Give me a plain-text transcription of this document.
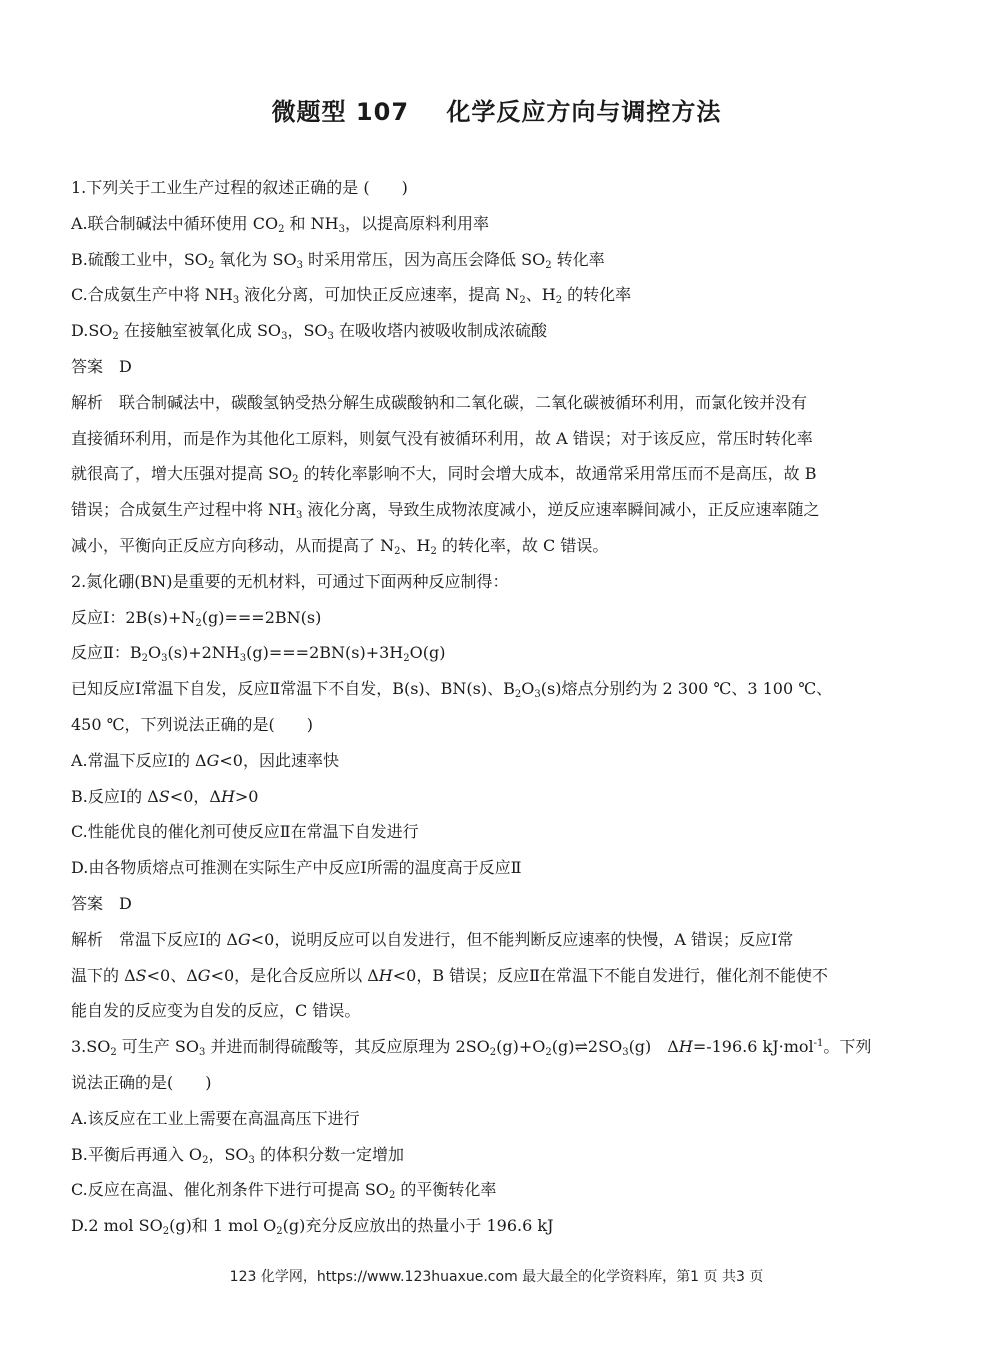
微题型 107 化学反应方向与调控方法
1.下列关于工业生产过程的叙述正确的是 (　　)
A.联合制碱法中循环使用 $CO_2$ 和 $NH_3$，以提高原料利用率
B.硫酸工业中，$SO_2$ 氧化为 $SO_3$ 时采用常压，因为高压会降低 $SO_2$ 转化率
C.合成氨生产中将 $NH_3$ 液化分离，可加快正反应速率，提高 $N_2$、$H_2$ 的转化率
$D.SO_2$ 在接触室被氧化成 $SO_3$，$SO_3$ 在吸收塔内被吸收制成浓硫酸
答案　D
解析　联合制碱法中，碳酸氢钠受热分解生成碳酸钠和二氧化碳，二氧化碳被循环利用，而氯化铵并没有
直接循环利用，而是作为其他化工原料，则氨气没有被循环利用，故 A 错误；对于该反应，常压时转化率
就很高了，增大压强对提高 $SO_2$ 的转化率影响不大，同时会增大成本，故通常采用常压而不是高压，故 B
错误；合成氨生产过程中将 $NH_3$ 液化分离，导致生成物浓度减小，逆反应速率瞬间减小，正反应速率随之
减小，平衡向正反应方向移动，从而提高了 $N_2$、$H_2$ 的转化率，故 C 错误。
2.氮化硼(BN)是重要的无机材料，可通过下面两种反应制得：
反应Ⅰ：$2B(s)+N_2(g)===2BN(s)$
反应Ⅱ：$B_2O_3(s)+2NH_3(g)===2BN(s)+3H_2O(g)$
已知反应Ⅰ常温下自发，反应Ⅱ常温下不自发，B(s)、BN(s)、$B_2O_3(s)$熔点分别约为 2 300 ℃、3 100 ℃、
450 ℃，下列说法正确的是(　　)
A.常温下反应Ⅰ的 ΔG<0，因此速率快
B.反应Ⅰ的 ΔS<0，ΔH>0
C.性能优良的催化剂可使反应Ⅱ在常温下自发进行
D.由各物质熔点可推测在实际生产中反应Ⅰ所需的温度高于反应Ⅱ
答案　D
解析　常温下反应Ⅰ的 ΔG<0，说明反应可以自发进行，但不能判断反应速率的快慢，A 错误；反应Ⅰ常
温下的 ΔS<0、ΔG<0，是化合反应所以 ΔH<0，B 错误；反应Ⅱ在常温下不能自发进行，催化剂不能使不
能自发的反应变为自发的反应，C 错误。
$3.SO_2$ 可生产 $SO_3$ 并进而制得硫酸等，其反应原理为 $2SO_2(g)+O_2(g)\rightleftharpoons 2SO_3(g)$　ΔH=-196.6 kJ·mol$^{-1}$。下列
说法正确的是(　　)
A.该反应在工业上需要在高温高压下进行
B.平衡后再通入 $O_2$，$SO_3$ 的体积分数一定增加
C.反应在高温、催化剂条件下进行可提高 $SO_2$ 的平衡转化率
D.2 mol $SO_2(g)$和 1 mol $O_2(g)$充分反应放出的热量小于 196.6 kJ
123 化学网，https://www.123huaxue.com 最大最全的化学资料库，第1 页 共3 页
